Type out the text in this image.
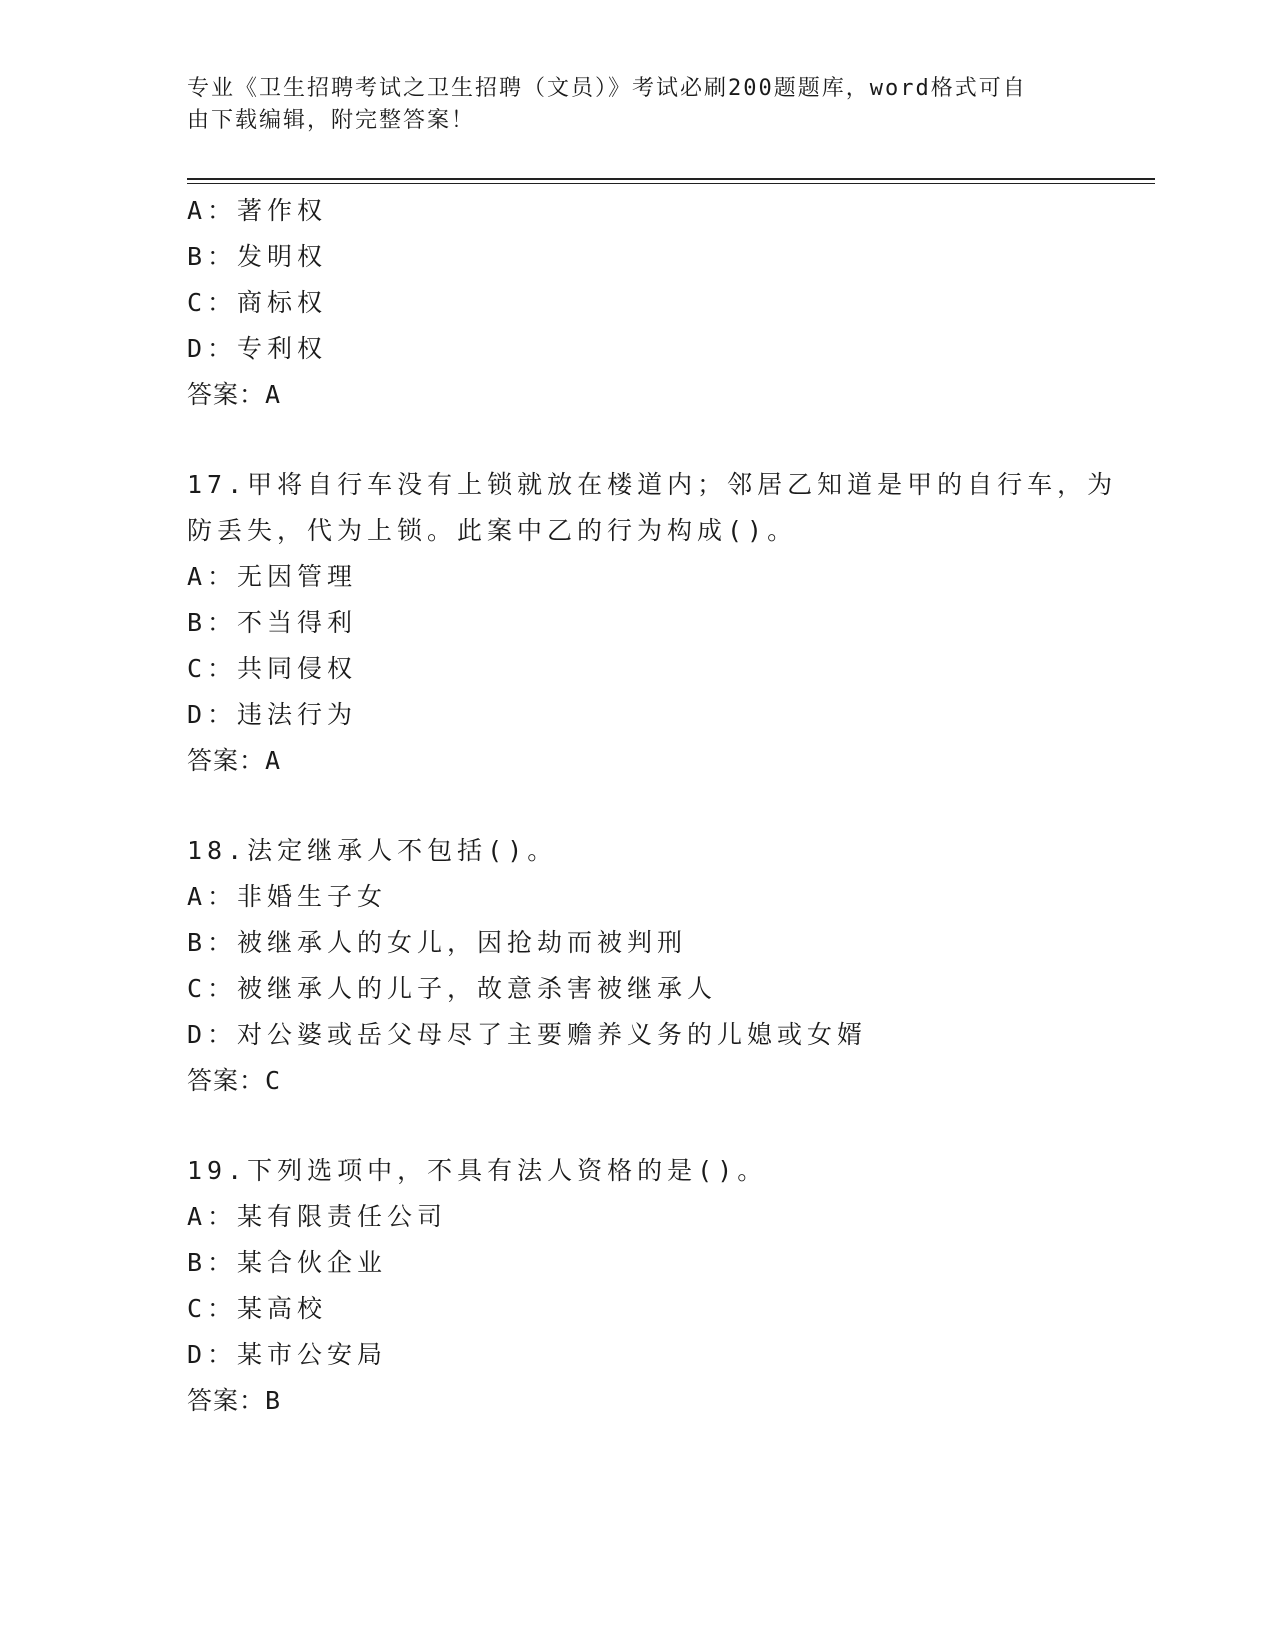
专业《卫生招聘考试之卫生招聘（文员）》考试必刷200题题库，word格式可自
由下载编辑，附完整答案！
A：著作权
B：发明权
C：商标权
D：专利权
答案：A
17.甲将自行车没有上锁就放在楼道内；邻居乙知道是甲的自行车，为
防丢失，代为上锁。此案中乙的行为构成()。
A：无因管理
B：不当得利
C：共同侵权
D：违法行为
答案：A
18.法定继承人不包括()。
A：非婚生子女
B：被继承人的女儿，因抢劫而被判刑
C：被继承人的儿子，故意杀害被继承人
D：对公婆或岳父母尽了主要赡养义务的儿媳或女婿
答案：C
19.下列选项中，不具有法人资格的是()。
A：某有限责任公司
B：某合伙企业
C：某高校
D：某市公安局
答案：B
